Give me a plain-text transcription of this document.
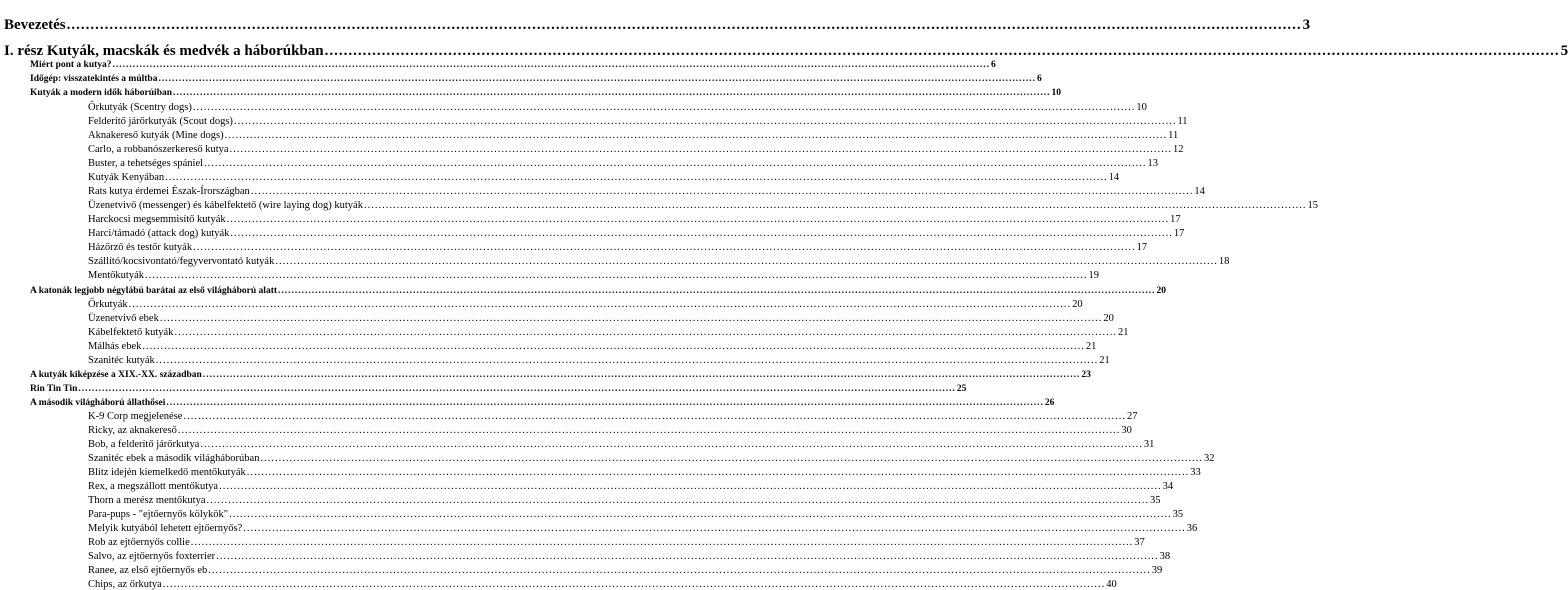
Bevezetés .................................................................................................................................................................................................................................................................... 3
I. rész Kutyák, macskák és medvék a háborúkban .................................................................................................................................................................................................................................................................... 5
Miért pont a kutya? .................................................................................................................................................................................................................................................................... 6
Időgép: visszatekintés a múltba .................................................................................................................................................................................................................................................................... 6
Kutyák a modern idők háborúiban .................................................................................................................................................................................................................................................................... 10
Őrkutyák (Scentry dogs) .................................................................................................................................................................................................................................................................... 10
Felderítő járőrkutyák (Scout dogs) .................................................................................................................................................................................................................................................................... 11
Aknakereső kutyák (Mine dogs) .................................................................................................................................................................................................................................................................... 11
Carlo, a robbanószerkereső kutya .................................................................................................................................................................................................................................................................... 12
Buster, a tehetséges spániel .................................................................................................................................................................................................................................................................... 13
Kutyák Kenyában .................................................................................................................................................................................................................................................................... 14
Rats kutya érdemei Észak-Írországban .................................................................................................................................................................................................................................................................... 14
Üzenetvivő (messenger) és kábelfektető (wire laying dog) kutyák .................................................................................................................................................................................................................................................................... 15
Harckocsi megsemmisítő kutyák .................................................................................................................................................................................................................................................................... 17
Harci/támadó (attack dog) kutyák .................................................................................................................................................................................................................................................................... 17
Házőrző és testőr kutyák .................................................................................................................................................................................................................................................................... 17
Szállító/kocsivontató/fegyvervontató kutyák .................................................................................................................................................................................................................................................................... 18
Mentőkutyák .................................................................................................................................................................................................................................................................... 19
A katonák legjobb négylábú barátai az első világháború alatt .................................................................................................................................................................................................................................................................... 20
Őrkutyák .................................................................................................................................................................................................................................................................... 20
Üzenetvivő ebek .................................................................................................................................................................................................................................................................... 20
Kábelfektető kutyák .................................................................................................................................................................................................................................................................... 21
Málhás ebek .................................................................................................................................................................................................................................................................... 21
Szanitéc kutyák .................................................................................................................................................................................................................................................................... 21
A kutyák kiképzése a XIX.-XX. században .................................................................................................................................................................................................................................................................... 23
Rin Tin Tin .................................................................................................................................................................................................................................................................... 25
A második világháború állathősei .................................................................................................................................................................................................................................................................... 26
K-9 Corp megjelenése .................................................................................................................................................................................................................................................................... 27
Ricky, az aknakereső .................................................................................................................................................................................................................................................................... 30
Bob, a felderítő járőrkutya .................................................................................................................................................................................................................................................................... 31
Szanitéc ebek a második világháborúban .................................................................................................................................................................................................................................................................... 32
Blitz idején kiemelkedő mentőkutyák .................................................................................................................................................................................................................................................................... 33
Rex, a megszállott mentőkutya .................................................................................................................................................................................................................................................................... 34
Thorn a merész mentőkutya .................................................................................................................................................................................................................................................................... 35
Para-pups - "ejtőernyős kölykök" .................................................................................................................................................................................................................................................................... 35
Melyik kutyából lehetett ejtőernyős? .................................................................................................................................................................................................................................................................... 36
Rob az ejtőernyős collie .................................................................................................................................................................................................................................................................... 37
Salvo, az ejtőernyős foxterrier .................................................................................................................................................................................................................................................................... 38
Ranee, az első ejtőernyős eb .................................................................................................................................................................................................................................................................... 39
Chips, az őrkutya .................................................................................................................................................................................................................................................................... 40
